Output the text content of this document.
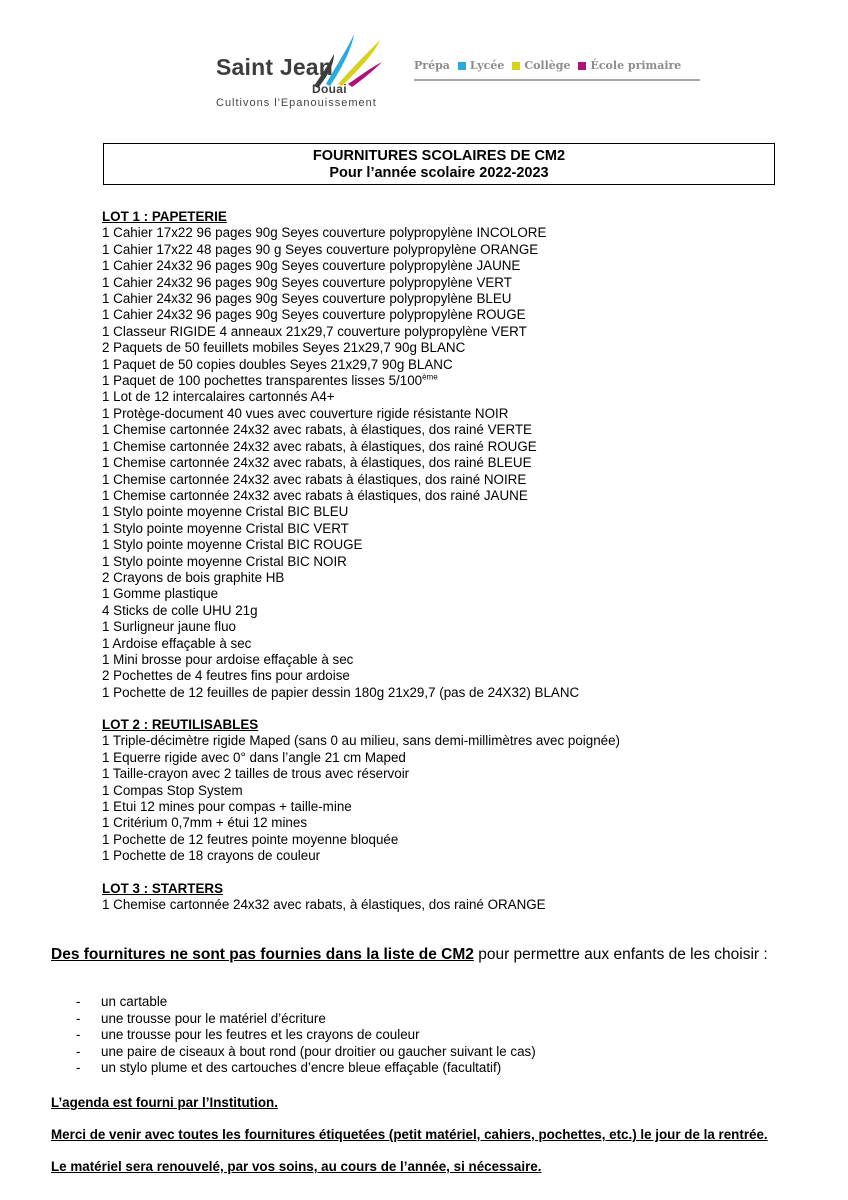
Saint Jean
Douai
Cultivons l'Epanouissement
Prépa Lycée Collège École primaire
FOURNITURES SCOLAIRES DE CM2
Pour l’année scolaire 2022-2023
LOT 1 : PAPETERIE
1 Cahier 17x22 96 pages 90g Seyes couverture polypropylène INCOLORE
1 Cahier 17x22 48 pages 90 g Seyes couverture polypropylène ORANGE
1 Cahier 24x32 96 pages 90g Seyes couverture polypropylène JAUNE
1 Cahier 24x32 96 pages 90g Seyes couverture polypropylène VERT
1 Cahier 24x32 96 pages 90g Seyes couverture polypropylène BLEU
1 Cahier 24x32 96 pages 90g Seyes couverture polypropylène ROUGE
1 Classeur RIGIDE 4 anneaux 21x29,7 couverture polypropylène VERT
2 Paquets de 50 feuillets mobiles Seyes 21x29,7 90g BLANC
1 Paquet de 50 copies doubles Seyes 21x29,7 90g BLANC
1 Paquet de 100 pochettes transparentes lisses 5/100ème
1 Lot de 12 intercalaires cartonnés A4+
1 Protège-document 40 vues avec couverture rigide résistante NOIR
1 Chemise cartonnée 24x32 avec rabats, à élastiques, dos rainé VERTE
1 Chemise cartonnée 24x32 avec rabats, à élastiques, dos rainé ROUGE
1 Chemise cartonnée 24x32 avec rabats, à élastiques, dos rainé BLEUE
1 Chemise cartonnée 24x32 avec rabats à élastiques, dos rainé NOIRE
1 Chemise cartonnée 24x32 avec rabats à élastiques, dos rainé JAUNE
1 Stylo pointe moyenne Cristal BIC BLEU
1 Stylo pointe moyenne Cristal BIC VERT
1 Stylo pointe moyenne Cristal BIC ROUGE
1 Stylo pointe moyenne Cristal BIC NOIR
2 Crayons de bois graphite HB
1 Gomme plastique
4 Sticks de colle UHU 21g
1 Surligneur jaune fluo
1 Ardoise effaçable à sec
1 Mini brosse pour ardoise effaçable à sec
2 Pochettes de 4 feutres fins pour ardoise
1 Pochette de 12 feuilles de papier dessin 180g 21x29,7 (pas de 24X32) BLANC
LOT 2 : REUTILISABLES
1 Triple-décimètre rigide Maped (sans 0 au milieu, sans demi-millimètres avec poignée)
1 Equerre rigide avec 0° dans l’angle 21 cm Maped
1 Taille-crayon avec 2 tailles de trous avec réservoir
1 Compas Stop System
1 Etui 12 mines pour compas + taille-mine
1 Critérium 0,7mm + étui 12 mines
1 Pochette de 12 feutres pointe moyenne bloquée
1 Pochette de 18 crayons de couleur
LOT 3 : STARTERS
1 Chemise cartonnée 24x32 avec rabats, à élastiques, dos rainé ORANGE
Des fournitures ne sont pas fournies dans la liste de CM2 pour permettre aux enfants de les choisir :
- un cartable
- une trousse pour le matériel d’écriture
- une trousse pour les feutres et les crayons de couleur
- une paire de ciseaux à bout rond (pour droitier ou gaucher suivant le cas)
- un stylo plume et des cartouches d’encre bleue effaçable (facultatif)
L’agenda est fourni par l’Institution.
Merci de venir avec toutes les fournitures étiquetées (petit matériel, cahiers, pochettes, etc.) le jour de la rentrée.
Le matériel sera renouvelé, par vos soins, au cours de l’année, si nécessaire.
